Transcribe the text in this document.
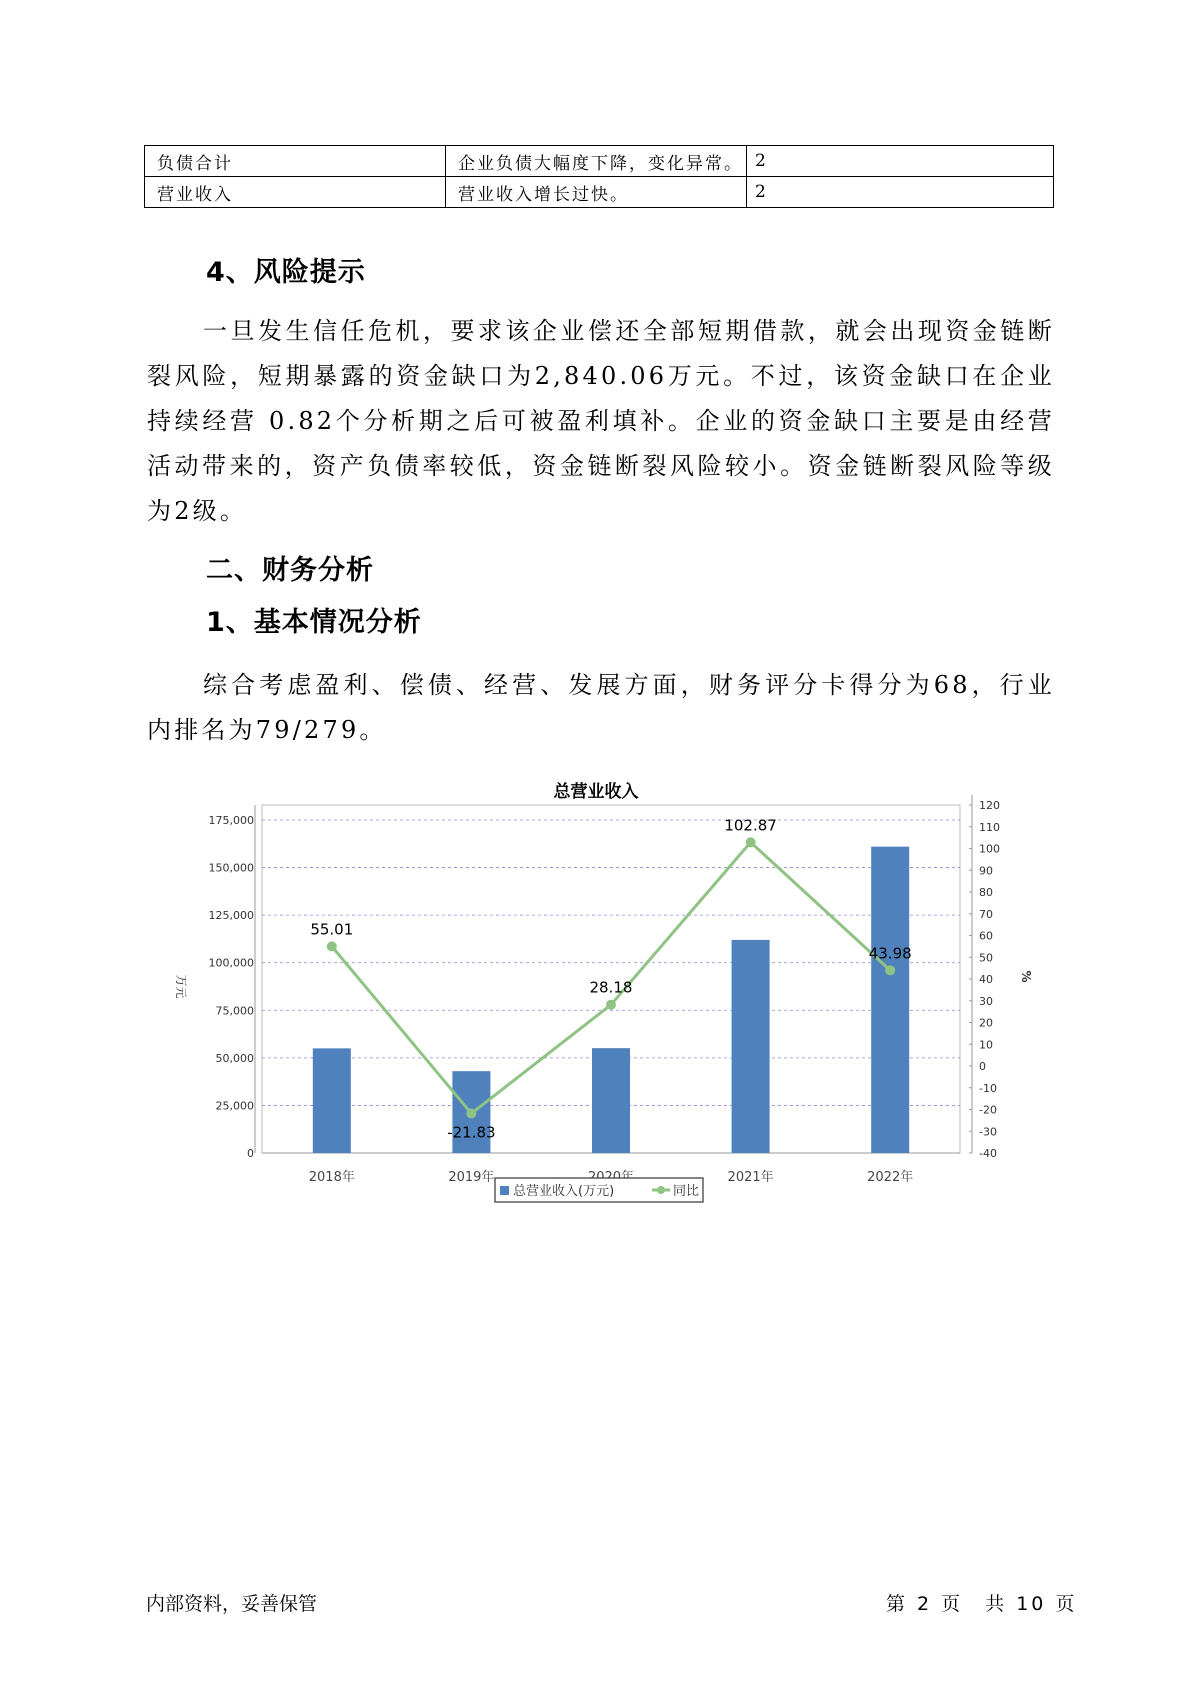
负债合计	企业负债大幅度下降，变化异常。	2
营业收入	营业收入增长过快。	2
4、风险提示

一旦发生信任危机，要求该企业偿还全部短期借款，就会出现资金链断裂风险，短期暴露的资金缺口为2,840.06万元。不过，该资金缺口在企业持续经营 0.82个分析期之后可被盈利填补。企业的资金缺口主要是由经营活动带来的，资产负债率较低，资金链断裂风险较小。资金链断裂风险等级为2级。

二、财务分析
1、基本情况分析

综合考虑盈利、偿债、经营、发展方面，财务评分卡得分为68，行业内排名为79/279。

总营业收入
0
25,000
50,000
75,000
100,000
125,000
150,000
175,000
-40
-30
-20
-10
0
10
20
30
40
50
60
70
80
90
100
110
120
万元	%
2018年	2019年	2021年	2022年
55.01
-21.83
28.18
102.87
43.98
总营业收入(万元)	同比
内部资料，妥善保管	第 2 页　共 10 页
